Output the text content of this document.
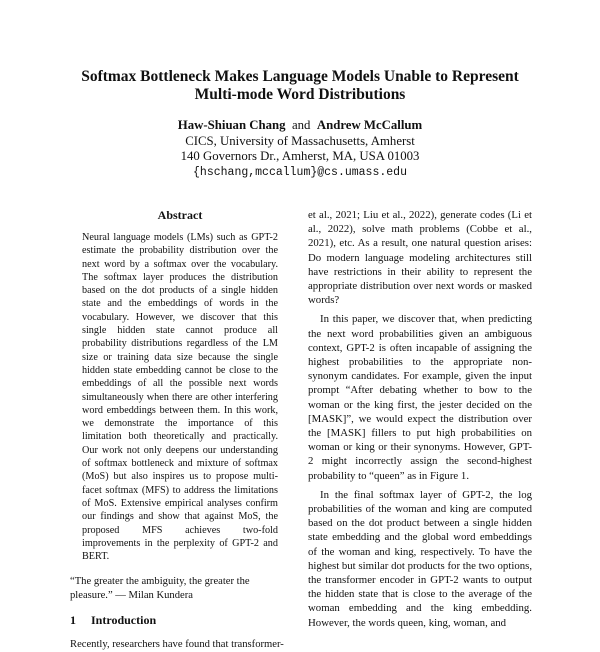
Softmax Bottleneck Makes Language Models Unable to Represent
Multi-mode Word Distributions
Haw-Shiuan Chang and Andrew McCallum
CICS, University of Massachusetts, Amherst
140 Governors Dr., Amherst, MA, USA 01003
{hschang,mccallum}@cs.umass.edu
Abstract
Neural language models (LMs) such as GPT-2 estimate the probability distribution over the next word by a softmax over the vocabulary. The softmax layer produces the distribution based on the dot products of a single hidden state and the embeddings of words in the vocabulary. However, we discover that this single hidden state cannot produce all probability distributions regardless of the LM size or training data size because the single hidden state embedding cannot be close to the embeddings of all the possible next words simultaneously when there are other interfering word embeddings between them. In this work, we demonstrate the importance of this limitation both theoretically and practically. Our work not only deepens our understanding of softmax bottleneck and mixture of softmax (MoS) but also inspires us to propose multi-facet softmax (MFS) to address the limitations of MoS. Extensive empirical analyses confirm our findings and show that against MoS, the proposed MFS achieves two-fold improvements in the perplexity of GPT-2 and BERT.
“The greater the ambiguity, the greater the pleasure.” — Milan Kundera
1 Introduction
Recently, researchers have found that transformer-

et al., 2021; Liu et al., 2022), generate codes (Li et al., 2022), solve math problems (Cobbe et al., 2021), etc. As a result, one natural question arises: Do modern language modeling architectures still have restrictions in their ability to represent the appropriate distribution over next words or masked words?

In this paper, we discover that, when predicting the next word probabilities given an ambiguous context, GPT-2 is often incapable of assigning the highest probabilities to the appropriate non-synonym candidates. For example, given the input prompt “After debating whether to bow to the woman or the king first, the jester decided on the [MASK]”, we would expect the distribution over the [MASK] fillers to put high probabilities on woman or king or their synonyms. However, GPT-2 might incorrectly assign the second-highest probability to “queen” as in Figure 1.

In the final softmax layer of GPT-2, the log probabilities of the woman and king are computed based on the dot product between a single hidden state embedding and the global word embeddings of the woman and king, respectively. To have the highest but similar dot products for the two options, the transformer encoder in GPT-2 wants to output the hidden state that is close to the average of the woman embedding and the king embedding. However, the words queen, king, woman, and
